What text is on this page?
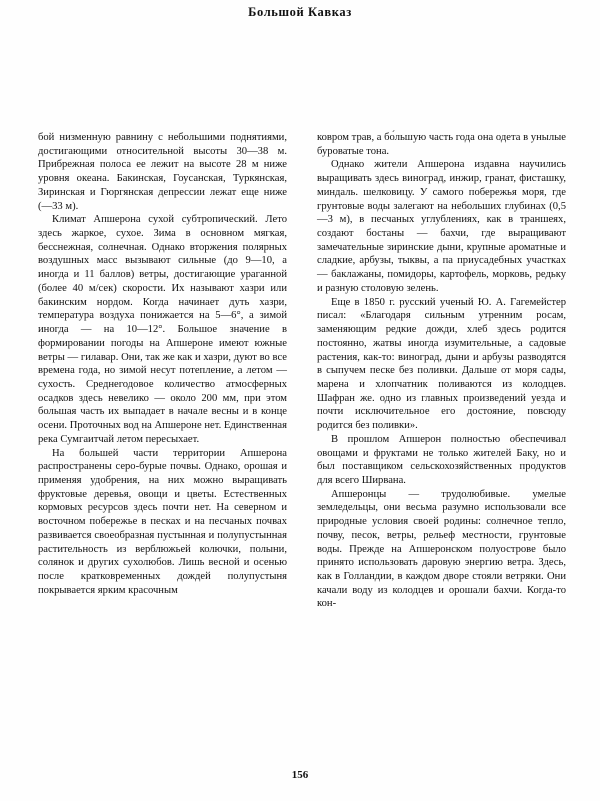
Большой Кавказ

бой низменную равнину с небольшими поднятиями, достигающими относительной высоты 30—38 м. Прибрежная полоса ее лежит на высоте 28 м ниже уровня океана. Бакинская, Гоусанская, Туркянская, Зиринская и Гюргянская депрессии лежат еще ниже (—33 м).

Климат Апшерона сухой субтропический. Лето здесь жаркое, сухое. Зима в основном мягкая, бесснежная, солнечная. Однако вторжения полярных воздушных масс вызывают сильные (до 9—10, а иногда и 11 баллов) ветры, достигающие ураганной (более 40 м/сек) скорости. Их называют хазри или бакинским нордом. Когда начинает дуть хазри, температура воздуха понижается на 5—6°, а зимой иногда — на 10—12°. Большое значение в формировании погоды на Апшероне имеют южные ветры — гилавар. Они, так же как и хазри, дуют во все времена года, но зимой несут потепление, а летом — сухость. Среднегодовое количество атмосферных осадков здесь невелико — около 200 мм, при этом большая часть их выпадает в начале весны и в конце осени. Проточных вод на Апшероне нет. Единственная река Сумгаитчай летом пересыхает.

На большей части территории Апшерона распространены серо-бурые почвы. Однако, орошая и применяя удобрения, на них можно выращивать фруктовые деревья, овощи и цветы. Естественных кормовых ресурсов здесь почти нет. На северном и восточном побережье в песках и на песчаных почвах развивается своеобразная пустынная и полупустынная растительность из верблюжьей колючки, полыни, солянок и других сухолюбов. Лишь весной и осенью после кратковременных дождей полупустыня покрывается ярким красочным

ковром трав, а бо́льшую часть года она одета в унылые буроватые тона.

Однако жители Апшерона издавна научились выращивать здесь виноград, инжир, гранат, фисташку, миндаль. шелковицу. У самого побережья моря, где грунтовые воды залегают на небольших глубинах (0,5—3 м), в песчаных углублениях, как в траншеях, создают бостаны — бахчи, где выращивают замечательные зиринские дыни, крупные ароматные и сладкие, арбузы, тыквы, а па приусадебных участках — баклажаны, помидоры, картофель, морковь, редьку и разную столовую зелень.

Еще в 1850 г. русский ученый Ю. А. Гагемейстер писал: «Благодаря сильным утренним росам, заменяющим редкие дожди, хлеб здесь родится постоянно, жатвы иногда изумительные, а садовые растения, как-то: виноград, дыни и арбузы разводятся в сыпучем песке без поливки. Дальше от моря сады, марена и хлопчатник поливаются из колодцев. Шафран же. одно из главных произведений уезда и почти исключительное его достояние, повсюду родится без поливки».

В прошлом Апшерон полностью обеспечивал овощами и фруктами не только жителей Баку, но и был поставщиком сельскохозяйственных продуктов для всего Ширвана.

Апшеронцы — трудолюбивые. умелые земледельцы, они весьма разумно использовали все природные условия своей родины: солнечное тепло, почву, песок, ветры, рельеф местности, грунтовые воды. Прежде на Апшеронском полуострове было принято использовать даровую энергию ветра. Здесь, как в Голландии, в каждом дворе стояли ветряки. Они качали воду из колодцев и орошали бахчи. Когда-то кон-

156
